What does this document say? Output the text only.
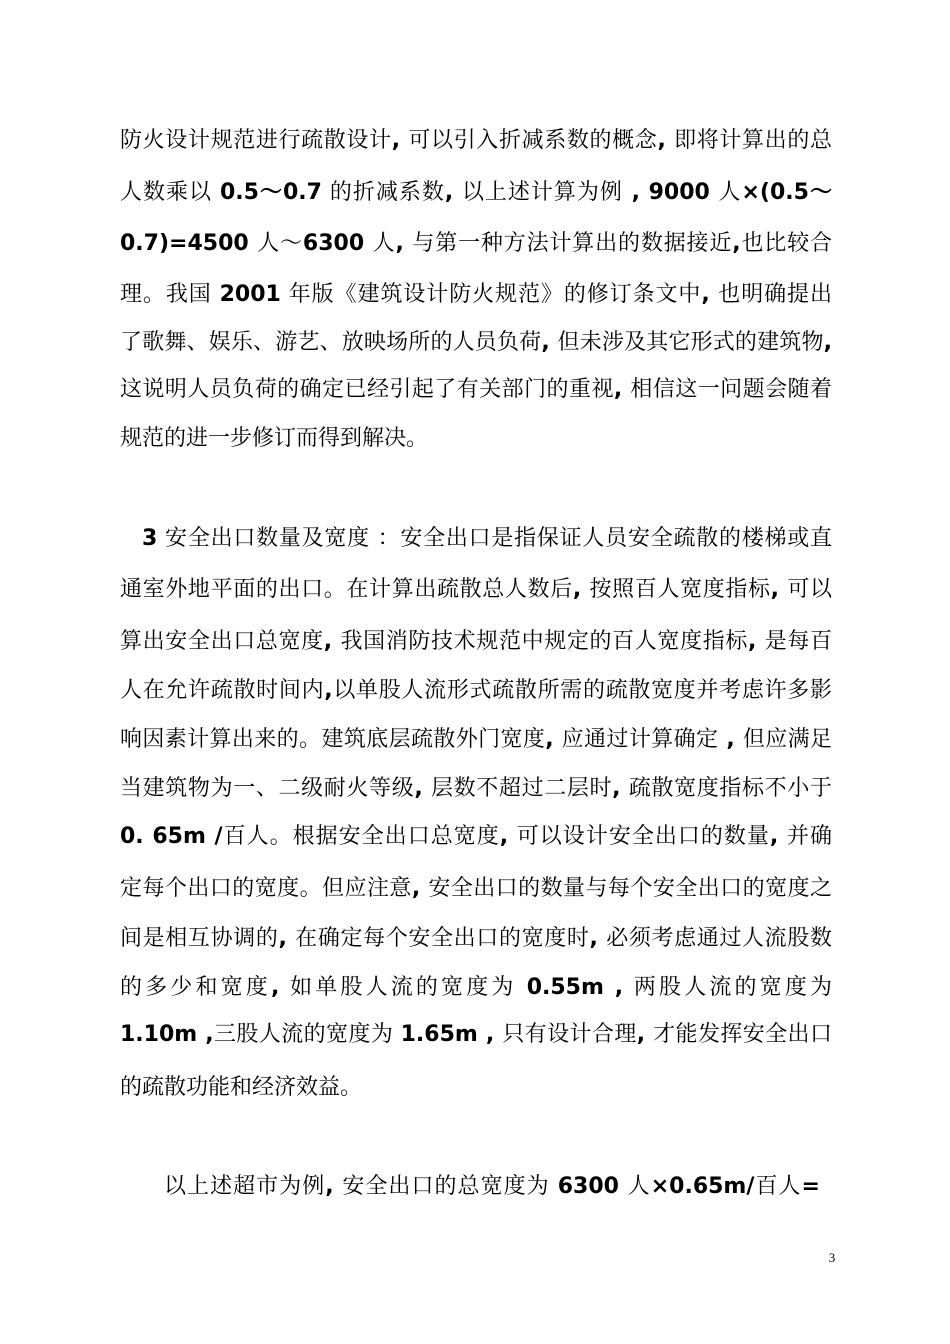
防火设计规范进行疏散设计, 可以引入折减系数的概念, 即将计算出的总
人数乘以 0.5～0.7 的折减系数, 以上述计算为例 , 9000 人×(0.5～
0.7)=4500 人～6300 人, 与第一种方法计算出的数据接近,也比较合
理。我国 2001 年版《建筑设计防火规范》的修订条文中, 也明确提出
了歌舞、娱乐、游艺、放映场所的人员负荷, 但未涉及其它形式的建筑物,
这说明人员负荷的确定已经引起了有关部门的重视, 相信这一问题会随着
规范的进一步修订而得到解决。
3 安全出口数量及宽度 ：安全出口是指保证人员安全疏散的楼梯或直
通室外地平面的出口。在计算出疏散总人数后, 按照百人宽度指标, 可以
算出安全出口总宽度, 我国消防技术规范中规定的百人宽度指标, 是每百
人在允许疏散时间内,以单股人流形式疏散所需的疏散宽度并考虑许多影
响因素计算出来的。建筑底层疏散外门宽度, 应通过计算确定 , 但应满足
当建筑物为一、二级耐火等级, 层数不超过二层时, 疏散宽度指标不小于
0. 65m /百人。根据安全出口总宽度, 可以设计安全出口的数量, 并确
定每个出口的宽度。但应注意, 安全出口的数量与每个安全出口的宽度之
间是相互协调的, 在确定每个安全出口的宽度时, 必须考虑通过人流股数
的多少和宽度, 如单股人流的宽度为 0.55m , 两股人流的宽度为
1.10m ,三股人流的宽度为 1.65m , 只有设计合理, 才能发挥安全出口
的疏散功能和经济效益。
以上述超市为例, 安全出口的总宽度为 6300 人×0.65m/百人=
3
